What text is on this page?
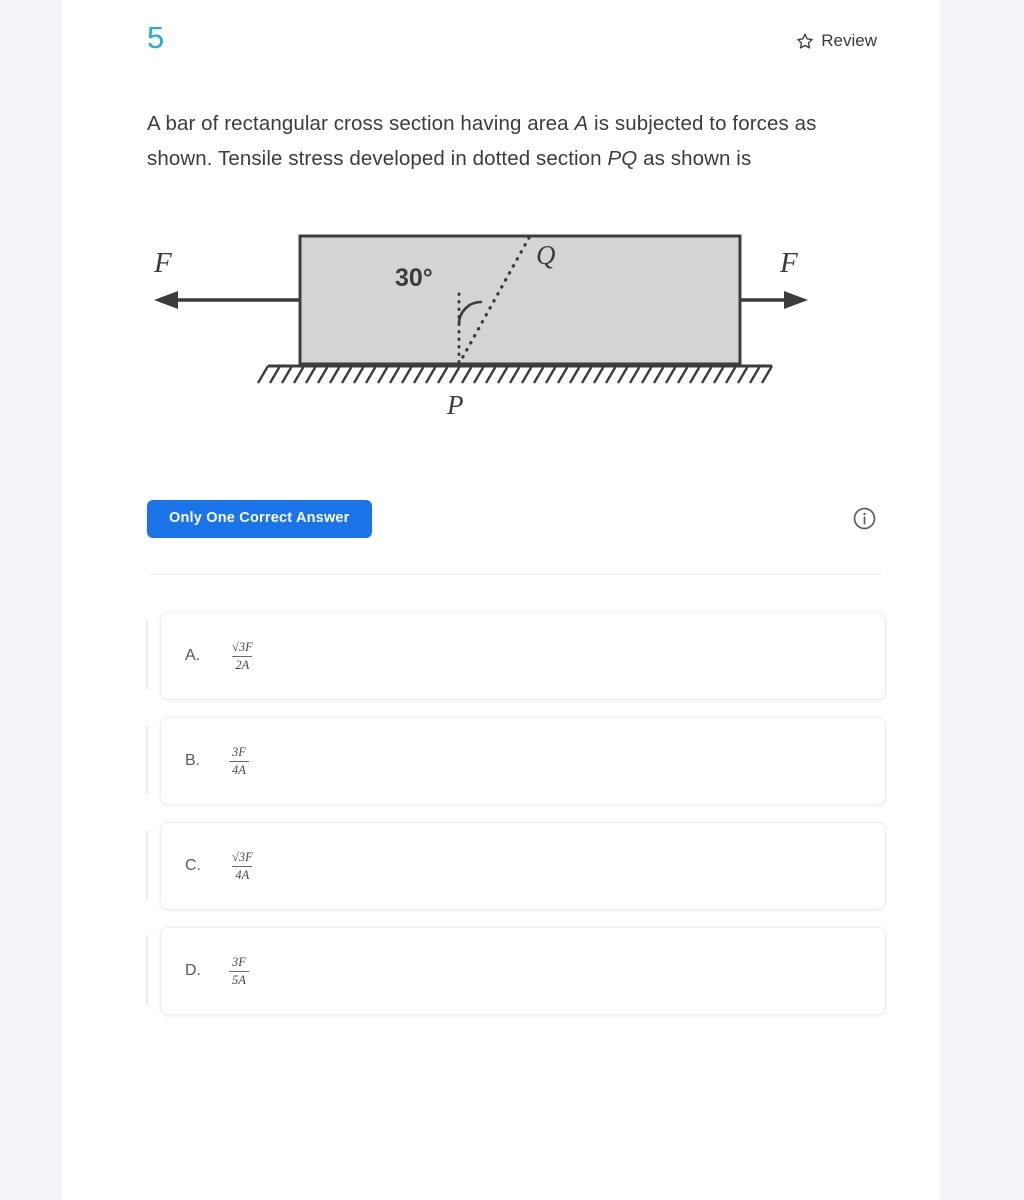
5	Review
A bar of rectangular cross section having area A is subjected to forces as shown. Tensile stress developed in dotted section PQ as shown is
F	F
30°
Q
P
Only One Correct Answer
A.	$\frac{√3F}{2A}$
B.	$\frac{3F}{4A}$
C.	$\frac{√3F}{4A}$
D.	$\frac{3F}{5A}$
